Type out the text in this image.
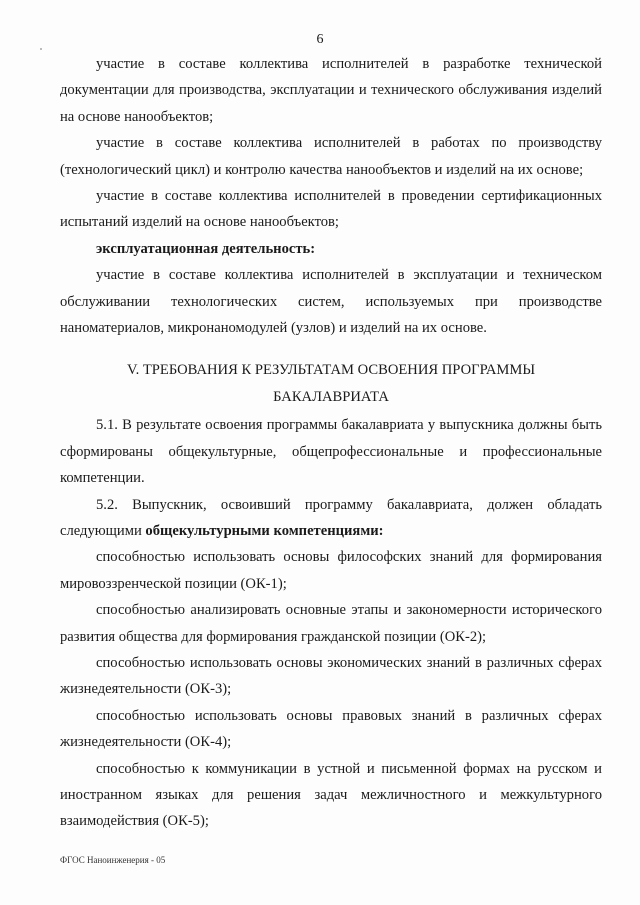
6

участие в составе коллектива исполнителей в разработке технической документации для производства, эксплуатации и технического обслуживания изделий на основе нанообъектов;

участие в составе коллектива исполнителей в работах по производству (технологический цикл) и контролю качества нанообъектов и изделий на их основе;

участие в составе коллектива исполнителей в проведении сертификационных испытаний изделий на основе нанообъектов;

эксплуатационная деятельность:

участие в составе коллектива исполнителей в эксплуатации и техническом обслуживании технологических систем, используемых при производстве наноматериалов, микронаномодулей (узлов) и изделий на их основе.

V. ТРЕБОВАНИЯ К РЕЗУЛЬТАТАМ ОСВОЕНИЯ ПРОГРАММЫ

БАКАЛАВРИАТА

5.1. В результате освоения программы бакалавриата у выпускника должны быть сформированы общекультурные, общепрофессиональные и профессиональные компетенции.

5.2. Выпускник, освоивший программу бакалавриата, должен обладать следующими общекультурными компетенциями:

способностью использовать основы философских знаний для формирования мировоззренческой позиции (ОК-1);

способностью анализировать основные этапы и закономерности исторического развития общества для формирования гражданской позиции (ОК-2);

способностью использовать основы экономических знаний в различных сферах жизнедеятельности (ОК-3);

способностью использовать основы правовых знаний в различных сферах жизнедеятельности (ОК-4);

способностью к коммуникации в устной и письменной формах на русском и иностранном языках для решения задач межличностного и межкультурного взаимодействия (ОК-5);

ФГОС Наноинженерия - 05
